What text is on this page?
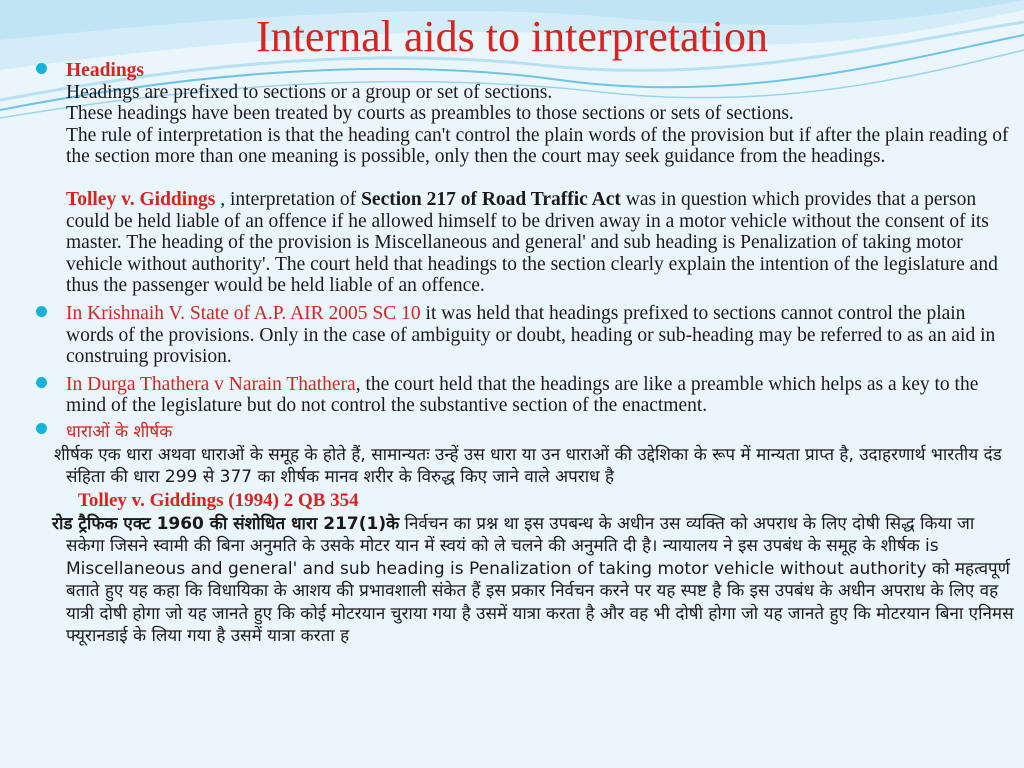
Internal aids to interpretation
Headings
Headings are prefixed to sections or a group or set of sections.
These headings have been treated by courts as preambles to those sections or sets of sections.
The rule of interpretation is that the heading can't control the plain words of the provision but if after the plain reading of the section more than one meaning is possible, only then the court may seek guidance from the headings.
Tolley v. Giddings , interpretation of Section 217 of Road Traffic Act was in question which provides that a person could be held liable of an offence if he allowed himself to be driven away in a motor vehicle without the consent of its master. The heading of the provision is Miscellaneous and general' and sub heading is Penalization of taking motor vehicle without authority'. The court held that headings to the section clearly explain the intention of the legislature and thus the passenger would be held liable of an offence.
In Krishnaih V. State of A.P. AIR 2005 SC 10 it was held that headings prefixed to sections cannot control the plain words of the provisions. Only in the case of ambiguity or doubt, heading or sub-heading may be referred to as an aid in construing provision.
In Durga Thathera v Narain Thathera, the court held that the headings are like a preamble which helps as a key to the mind of the legislature but do not control the substantive section of the enactment.
धाराओं के शीर्षक
शीर्षक एक धारा अथवा धाराओं के समूह के होते हैं, सामान्यतः उन्हें उस धारा या उन धाराओं की उद्देशिका के रूप में मान्यता प्राप्त है, उदाहरणार्थ भारतीय दंड संहिता की धारा 299 से 377 का शीर्षक मानव शरीर के विरुद्ध किए जाने वाले अपराध है
Tolley v. Giddings (1994) 2 QB 354
रोड ट्रैफिक एक्ट 1960 की संशोधित धारा 217(1)के निर्वचन का प्रश्न था इस उपबन्ध के अधीन उस व्यक्ति को अपराध के लिए दोषी सिद्ध किया जा सकेगा जिसने स्वामी की बिना अनुमति के उसके मोटर यान में स्वयं को ले चलने की अनुमति दी है। न्यायालय ने इस उपबंध के समूह के शीर्षक is Miscellaneous and general' and sub heading is Penalization of taking motor vehicle without authority को महत्वपूर्ण बताते हुए यह कहा कि विधायिका के आशय की प्रभावशाली संकेत हैं इस प्रकार निर्वचन करने पर यह स्पष्ट है कि इस उपबंध के अधीन अपराध के लिए वह यात्री दोषी होगा जो यह जानते हुए कि कोई मोटरयान चुराया गया है उसमें यात्रा करता है और वह भी दोषी होगा जो यह जानते हुए कि मोटरयान बिना एनिमस फ्यूरानडाई के लिया गया है उसमें यात्रा करता ह
